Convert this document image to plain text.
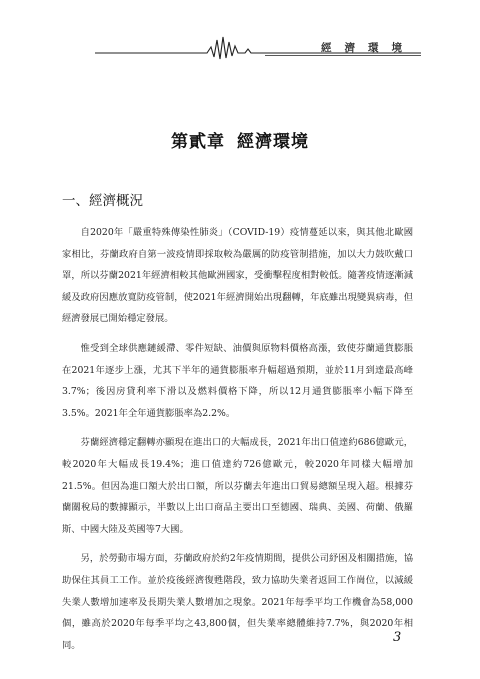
經濟環境
第貳章 經濟環境
一、經濟概況

自2020年「嚴重特殊傳染性肺炎」（COVID-19）疫情蔓延以來，與其他北歐國家相比，芬蘭政府自第一波疫情即採取較為嚴厲的防疫管制措施，加以大力鼓吹戴口罩，所以芬蘭2021年經濟相較其他歐洲國家，受衝擊程度相對較低。隨著疫情逐漸減緩及政府因應放寬防疫管制，使2021年經濟開始出現翻轉，年底雖出現變異病毒，但經濟發展已開始穩定發展。

惟受到全球供應鏈緩滯、零件短缺、油價與原物料價格高漲，致使芬蘭通貨膨脹在2021年逐步上漲，尤其下半年的通貨膨脹率升幅超過預期，並於11月到達最高峰3.7%；後因房貸利率下滑以及燃料價格下降，所以12月通貨膨脹率小幅下降至3.5%。2021年全年通貨膨脹率為2.2%。

芬蘭經濟穩定翻轉亦顯現在進出口的大幅成長，2021年出口值達約686億歐元，較2020年大幅成長19.4%；進口值達約726億歐元，較2020年同樣大幅增加21.5%。但因為進口額大於出口額，所以芬蘭去年進出口貿易總額呈現入超。根據芬蘭關稅局的數據顯示，半數以上出口商品主要出口至德國、瑞典、美國、荷蘭、俄羅斯、中國大陸及英國等7大國。

另，於勞動市場方面，芬蘭政府於約2年疫情期間，提供公司紓困及相關措施，協助保住其員工工作。並於疫後經濟復甦階段，致力協助失業者返回工作崗位，以減緩失業人數增加速率及長期失業人數增加之現象。2021年每季平均工作機會為58,000個，雖高於2020年每季平均之43,800個，但失業率總體維持7.7%，與2020年相同。

3
